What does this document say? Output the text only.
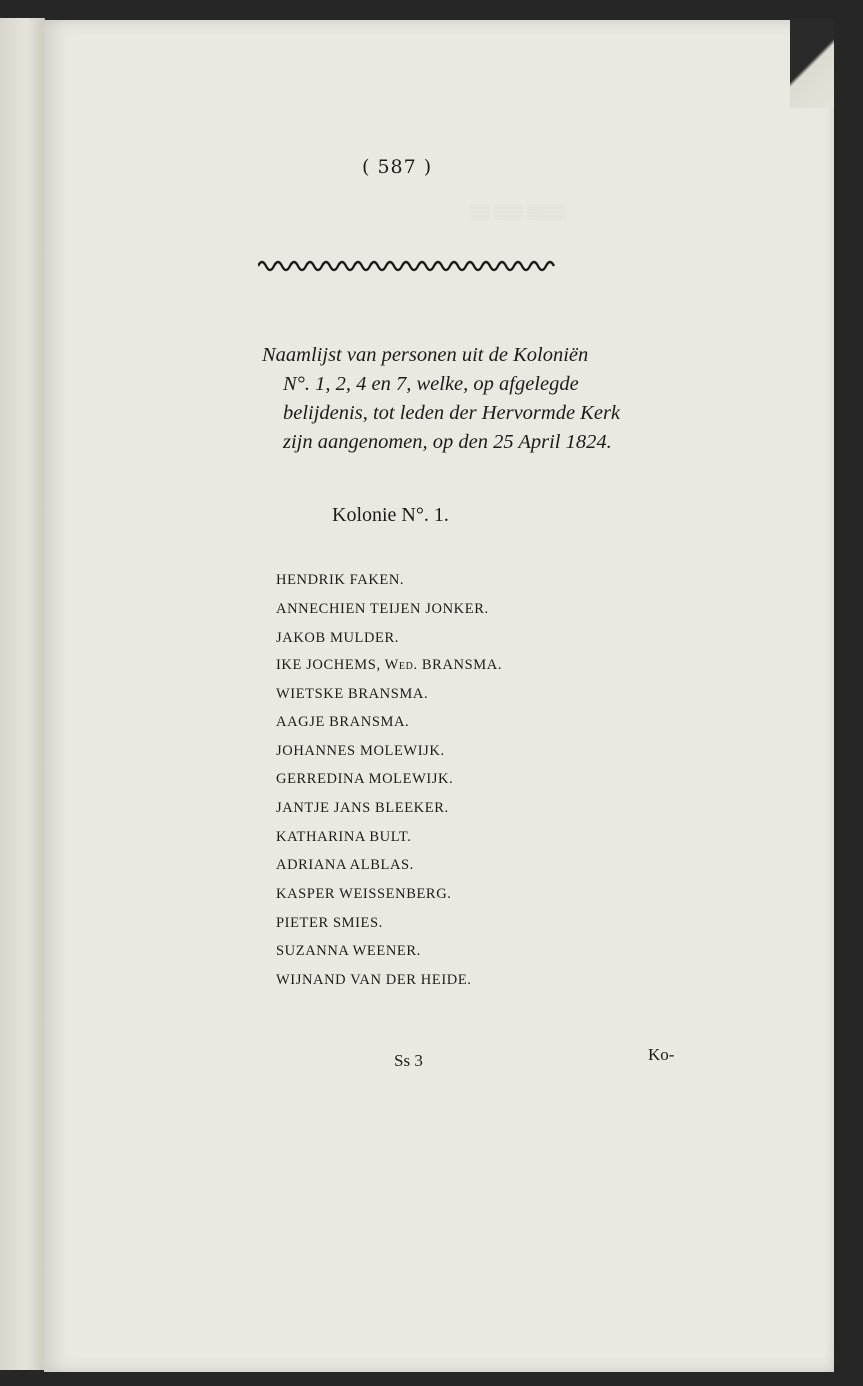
▒▒▒▒ ▒▒▒ ▒▒
( 587 )
Naamlijst van personen uit de Koloniën
N°. 1, 2, 4 en 7, welke, op afgelegde
belijdenis, tot leden der Hervormde Kerk
zijn aangenomen, op den 25 April 1824.
Kolonie N°. 1.
HENDRIK FAKEN.
ANNECHIEN TEIJEN JONKER.
JAKOB MULDER.
IKE JOCHEMS, Wed. BRANSMA.
WIETSKE BRANSMA.
AAGJE BRANSMA.
JOHANNES MOLEWIJK.
GERREDINA MOLEWIJK.
JANTJE JANS BLEEKER.
KATHARINA BULT.
ADRIANA ALBLAS.
KASPER WEISSENBERG.
PIETER SMIES.
SUZANNA WEENER.
WIJNAND VAN DER HEIDE.
Ss 3	Ko-
